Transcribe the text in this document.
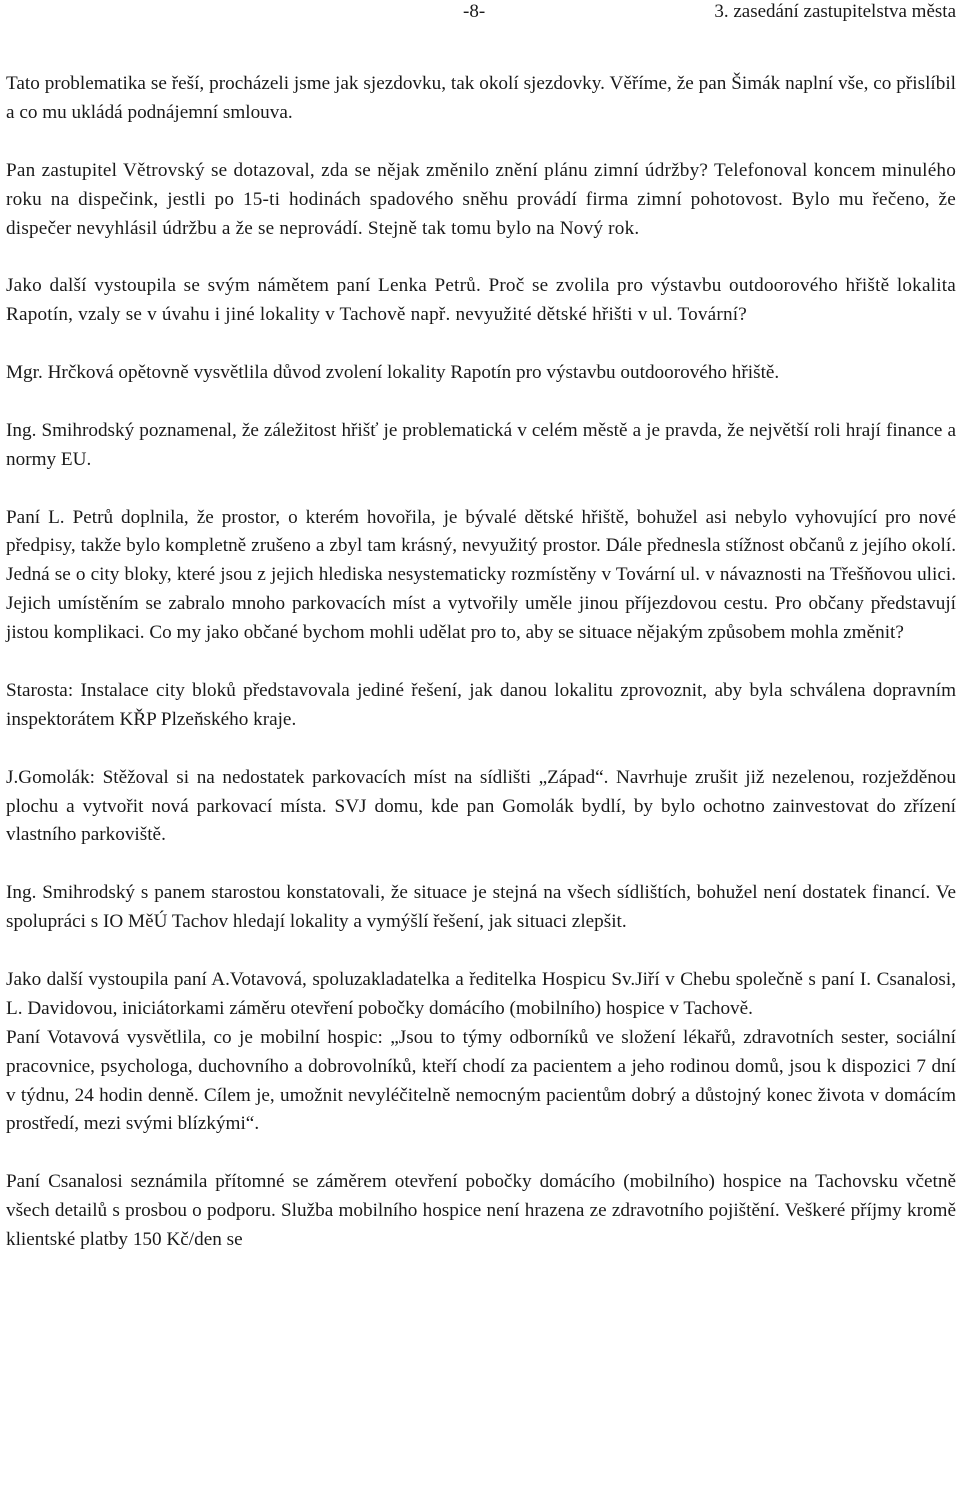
-8-	3. zasedání zastupitelstva města

Tato problematika se řeší, procházeli jsme jak sjezdovku, tak okolí sjezdovky. Věříme, že pan Šimák naplní vše, co přislíbil a co mu ukládá podnájemní smlouva.

Pan zastupitel Větrovský se dotazoval, zda se nějak změnilo znění plánu zimní údržby? Telefonoval koncem minulého roku na dispečink, jestli po 15-ti hodinách spadového sněhu provádí firma zimní pohotovost. Bylo mu řečeno, že dispečer nevyhlásil údržbu a že se neprovádí. Stejně tak tomu bylo na Nový rok.

Jako další vystoupila se svým námětem paní Lenka Petrů. Proč se zvolila pro výstavbu outdoorového hřiště lokalita Rapotín, vzaly se v úvahu i jiné lokality v Tachově např. nevyužité dětské hřišti v ul. Tovární?

Mgr. Hrčková opětovně vysvětlila důvod zvolení lokality Rapotín pro výstavbu outdoorového hřiště.

Ing. Smihrodský poznamenal, že záležitost hřišť je problematická v celém městě a je pravda, že největší roli hrají finance a normy EU.

Paní L. Petrů doplnila, že prostor, o kterém hovořila, je bývalé dětské hřiště, bohužel asi nebylo vyhovující pro nové předpisy, takže bylo kompletně zrušeno a zbyl tam krásný, nevyužitý prostor. Dále přednesla stížnost občanů z jejího okolí. Jedná se o city bloky, které jsou z jejich hlediska nesystematicky rozmístěny v Tovární ul. v návaznosti na Třešňovou ulici. Jejich umístěním se zabralo mnoho parkovacích míst a vytvořily uměle jinou příjezdovou cestu. Pro občany představují jistou komplikaci. Co my jako občané bychom mohli udělat pro to, aby se situace nějakým způsobem mohla změnit?

Starosta: Instalace city bloků představovala jediné řešení, jak danou lokalitu zprovoznit, aby byla schválena dopravním inspektorátem KŘP Plzeňského kraje.

J.Gomolák: Stěžoval si na nedostatek parkovacích míst na sídlišti „Západ“. Navrhuje zrušit již nezelenou, rozježděnou plochu a vytvořit nová parkovací místa. SVJ domu, kde pan Gomolák bydlí, by bylo ochotno zainvestovat do zřízení vlastního parkoviště.

Ing. Smihrodský s panem starostou konstatovali, že situace je stejná na všech sídlištích, bohužel není dostatek financí. Ve spolupráci s IO MěÚ Tachov hledají lokality a vymýšlí řešení, jak situaci zlepšit.

Jako další vystoupila paní A.Votavová, spoluzakladatelka a ředitelka Hospicu Sv.Jiří v Chebu společně s paní I. Csanalosi, L. Davidovou, iniciátorkami záměru otevření pobočky domácího (mobilního) hospice v Tachově.

Paní Votavová vysvětlila, co je mobilní hospic: „Jsou to týmy odborníků ve složení lékařů, zdravotních sester, sociální pracovnice, psychologa, duchovního a dobrovolníků, kteří chodí za pacientem a jeho rodinou domů, jsou k dispozici 7 dní v týdnu, 24 hodin denně. Cílem je, umožnit nevyléčitelně nemocným pacientům dobrý a důstojný konec života v domácím prostředí, mezi svými blízkými“.

Paní Csanalosi seznámila přítomné se záměrem otevření pobočky domácího (mobilního) hospice na Tachovsku včetně všech detailů s prosbou o podporu. Služba mobilního hospice není hrazena ze zdravotního pojištění. Veškeré příjmy kromě klientské platby 150 Kč/den se
